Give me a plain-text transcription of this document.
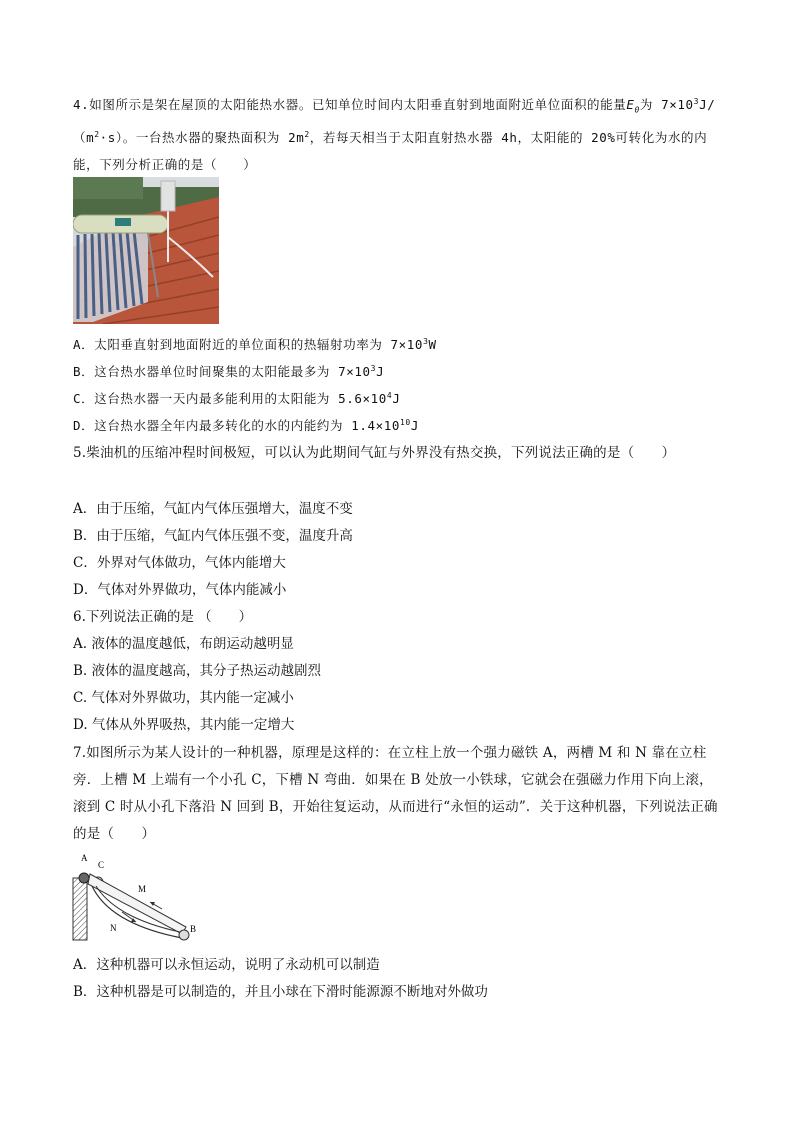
4.如图所示是架在屋顶的太阳能热水器。已知单位时间内太阳垂直射到地面附近单位面积的能量$E_0$为 $7\times 10^3J/(m^2\cdot s)$。一台热水器的聚热面积为 $2m^2$，若每天相当于太阳直射热水器 4h，太阳能的 20%可转化为水的内能，下列分析正确的是（　　）
A．太阳垂直射到地面附近的单位面积的热辐射功率为 $7\times 10^3W$
B．这台热水器单位时间聚集的太阳能最多为 $7\times 10^3J$
C．这台热水器一天内最多能利用的太阳能为 $5.6\times 10^4J$
D．这台热水器全年内最多转化的水的内能约为 $1.4\times 10^{10}J$
5.柴油机的压缩冲程时间极短，可以认为此期间气缸与外界没有热交换，下列说法正确的是（　　）
A．由于压缩，气缸内气体压强增大，温度不变
B．由于压缩，气缸内气体压强不变，温度升高
C．外界对气体做功，气体内能增大
D．气体对外界做功，气体内能减小
6.下列说法正确的是 （　　）
A. 液体的温度越低，布朗运动越明显
B. 液体的温度越高，其分子热运动越剧烈
C. 气体对外界做功，其内能一定减小
D. 气体从外界吸热，其内能一定增大
7.如图所示为某人设计的一种机器，原理是这样的：在立柱上放一个强力磁铁 A，两槽 M 和 N 靠在立柱旁．上槽 M 上端有一个小孔 C，下槽 N 弯曲．如果在 B 处放一小铁球，它就会在强磁力作用下向上滚，滚到 C 时从小孔下落沿 N 回到 B，开始往复运动，从而进行“永恒的运动”．关于这种机器，下列说法正确的是（　　）
A
C
M
N	B
A．这种机器可以永恒运动，说明了永动机可以制造
B．这种机器是可以制造的，并且小球在下滑时能源源不断地对外做功
